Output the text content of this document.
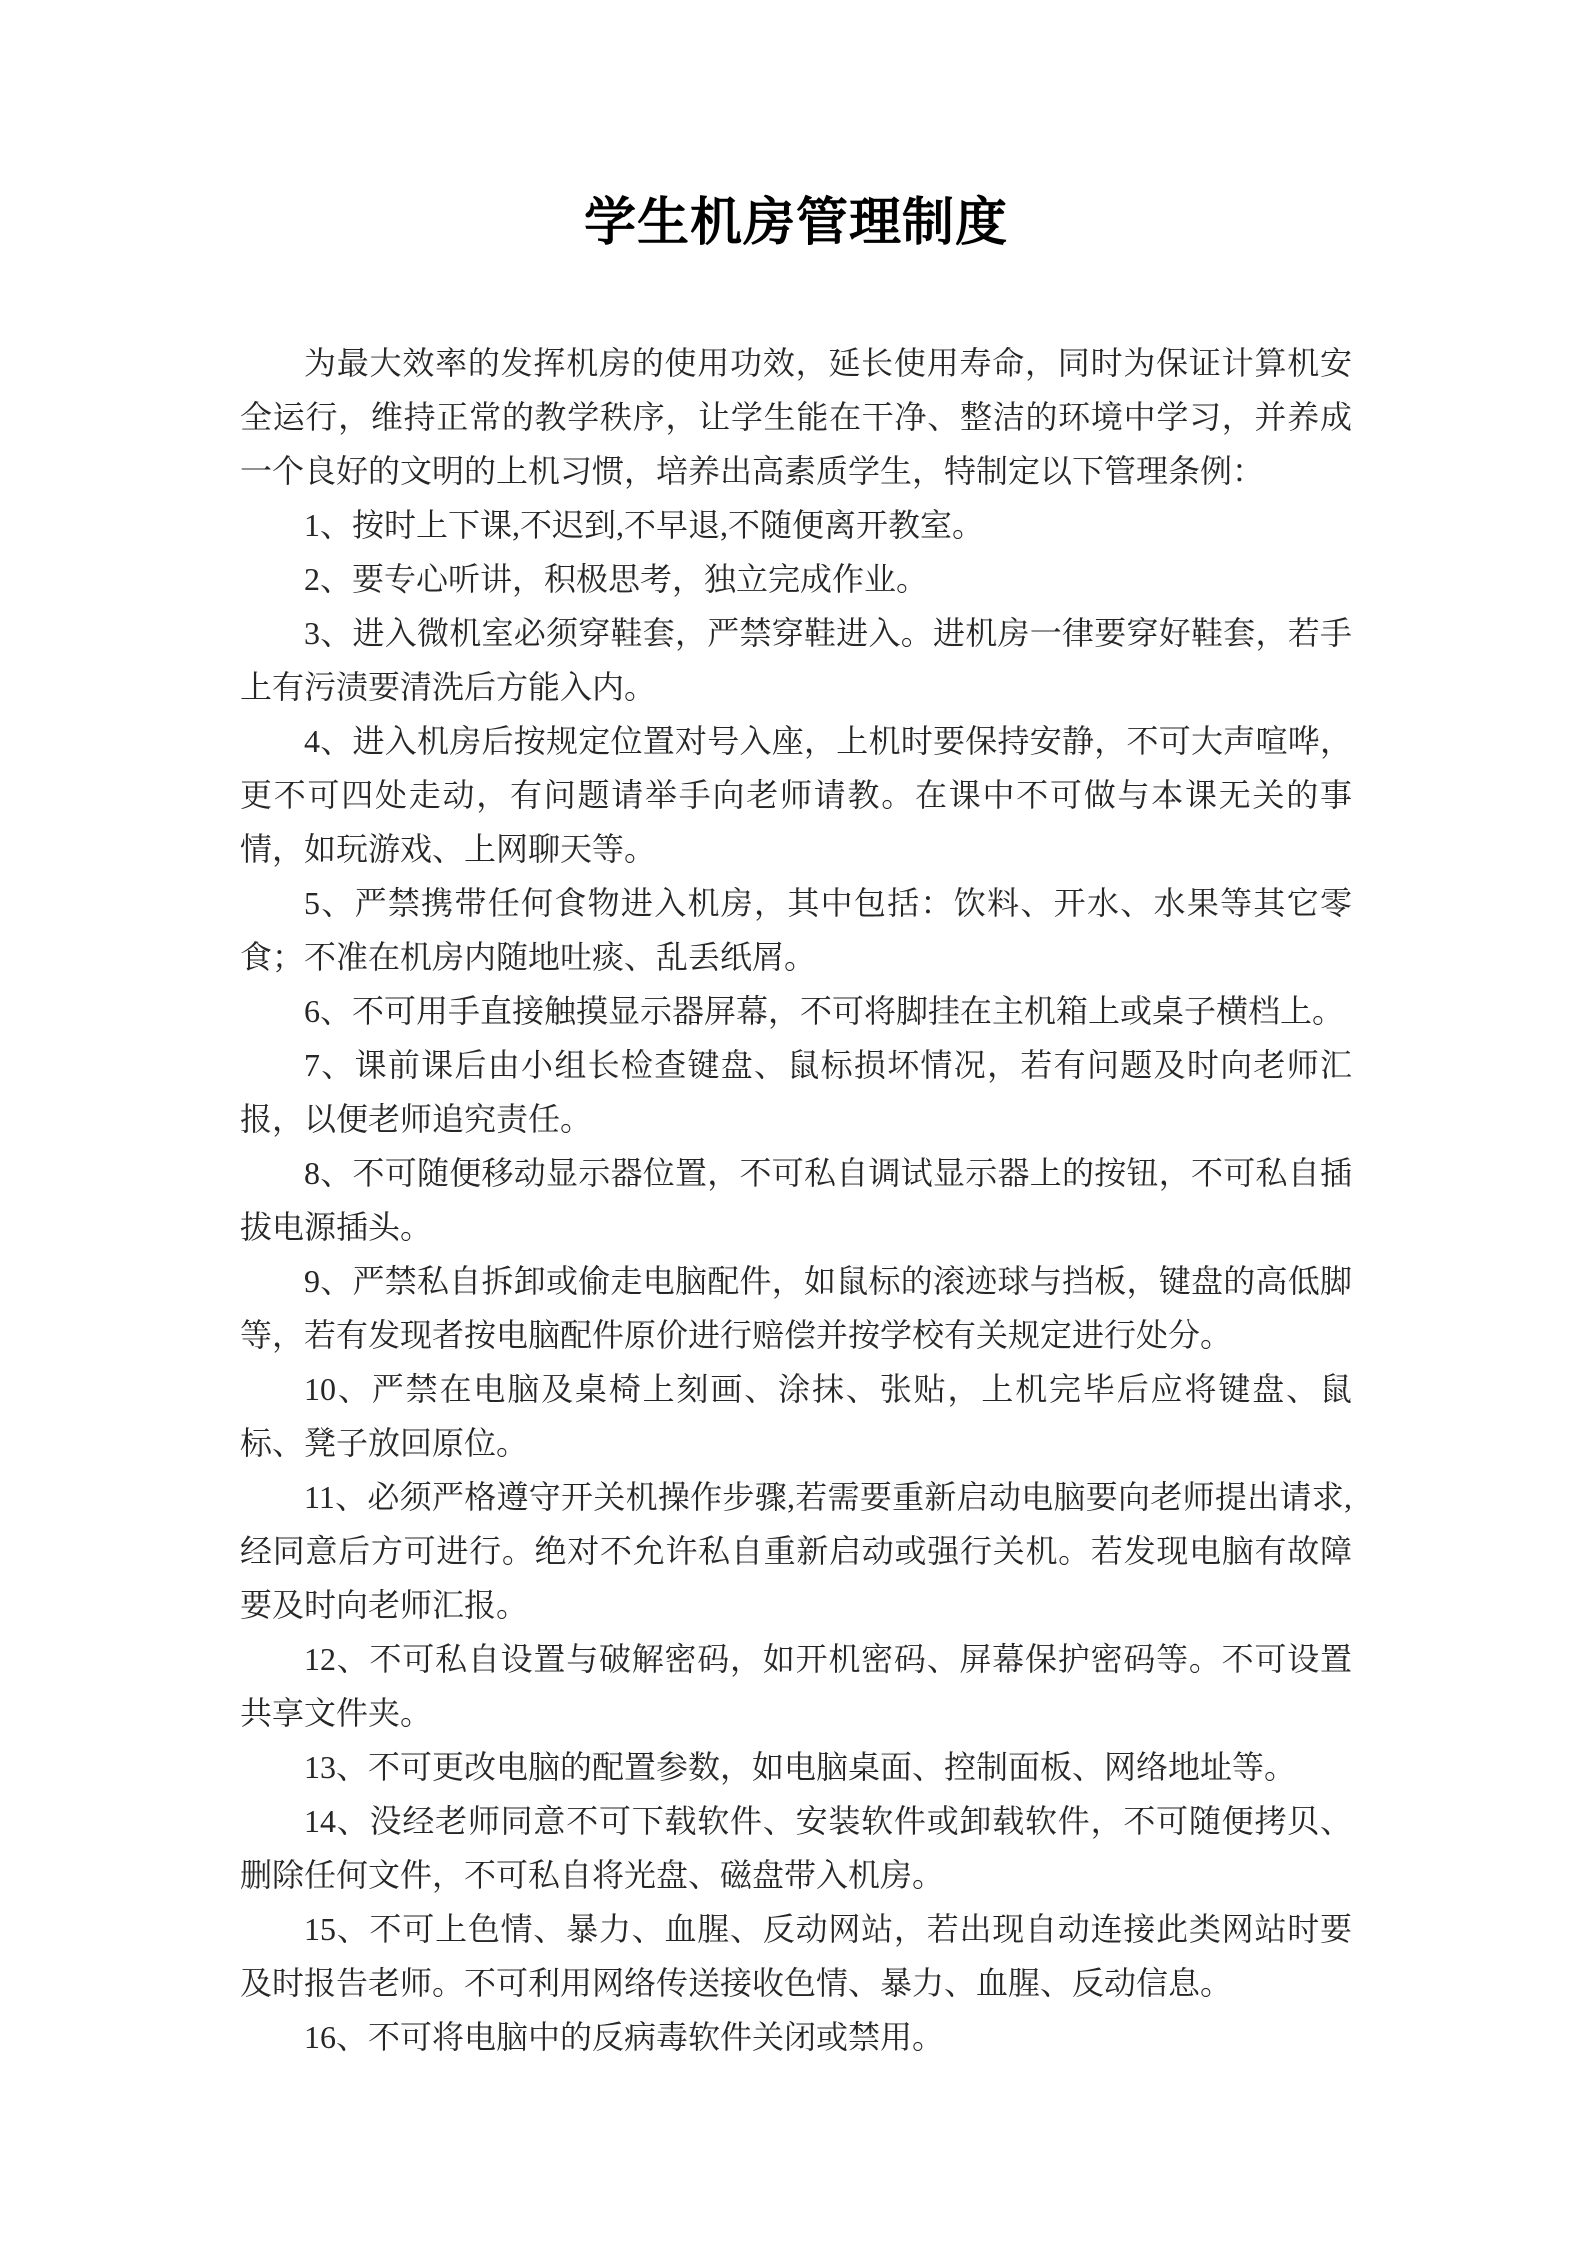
学生机房管理制度

为最大效率的发挥机房的使用功效，延长使用寿命，同时为保证计算机安全运行，维持正常的教学秩序，让学生能在干净、整洁的环境中学习，并养成一个良好的文明的上机习惯，培养出高素质学生，特制定以下管理条例：

1、按时上下课,不迟到,不早退,不随便离开教室。

2、要专心听讲，积极思考，独立完成作业。

3、进入微机室必须穿鞋套，严禁穿鞋进入。进机房一律要穿好鞋套，若手上有污渍要清洗后方能入内。

4、进入机房后按规定位置对号入座，上机时要保持安静，不可大声喧哗，更不可四处走动，有问题请举手向老师请教。在课中不可做与本课无关的事情，如玩游戏、上网聊天等。

5、严禁携带任何食物进入机房，其中包括：饮料、开水、水果等其它零食；不准在机房内随地吐痰、乱丢纸屑。

6、不可用手直接触摸显示器屏幕，不可将脚挂在主机箱上或桌子横档上。

7、课前课后由小组长检查键盘、鼠标损坏情况，若有问题及时向老师汇报，以便老师追究责任。

8、不可随便移动显示器位置，不可私自调试显示器上的按钮，不可私自插拔电源插头。

9、严禁私自拆卸或偷走电脑配件，如鼠标的滚迹球与挡板，键盘的高低脚等，若有发现者按电脑配件原价进行赔偿并按学校有关规定进行处分。

10、严禁在电脑及桌椅上刻画、涂抹、张贴，上机完毕后应将键盘、鼠标、凳子放回原位。

11、必须严格遵守开关机操作步骤,若需要重新启动电脑要向老师提出请求,经同意后方可进行。绝对不允许私自重新启动或强行关机。若发现电脑有故障要及时向老师汇报。

12、不可私自设置与破解密码，如开机密码、屏幕保护密码等。不可设置共享文件夹。

13、不可更改电脑的配置参数，如电脑桌面、控制面板、网络地址等。

14、没经老师同意不可下载软件、安装软件或卸载软件，不可随便拷贝、删除任何文件，不可私自将光盘、磁盘带入机房。

15、不可上色情、暴力、血腥、反动网站，若出现自动连接此类网站时要及时报告老师。不可利用网络传送接收色情、暴力、血腥、反动信息。

16、不可将电脑中的反病毒软件关闭或禁用。
